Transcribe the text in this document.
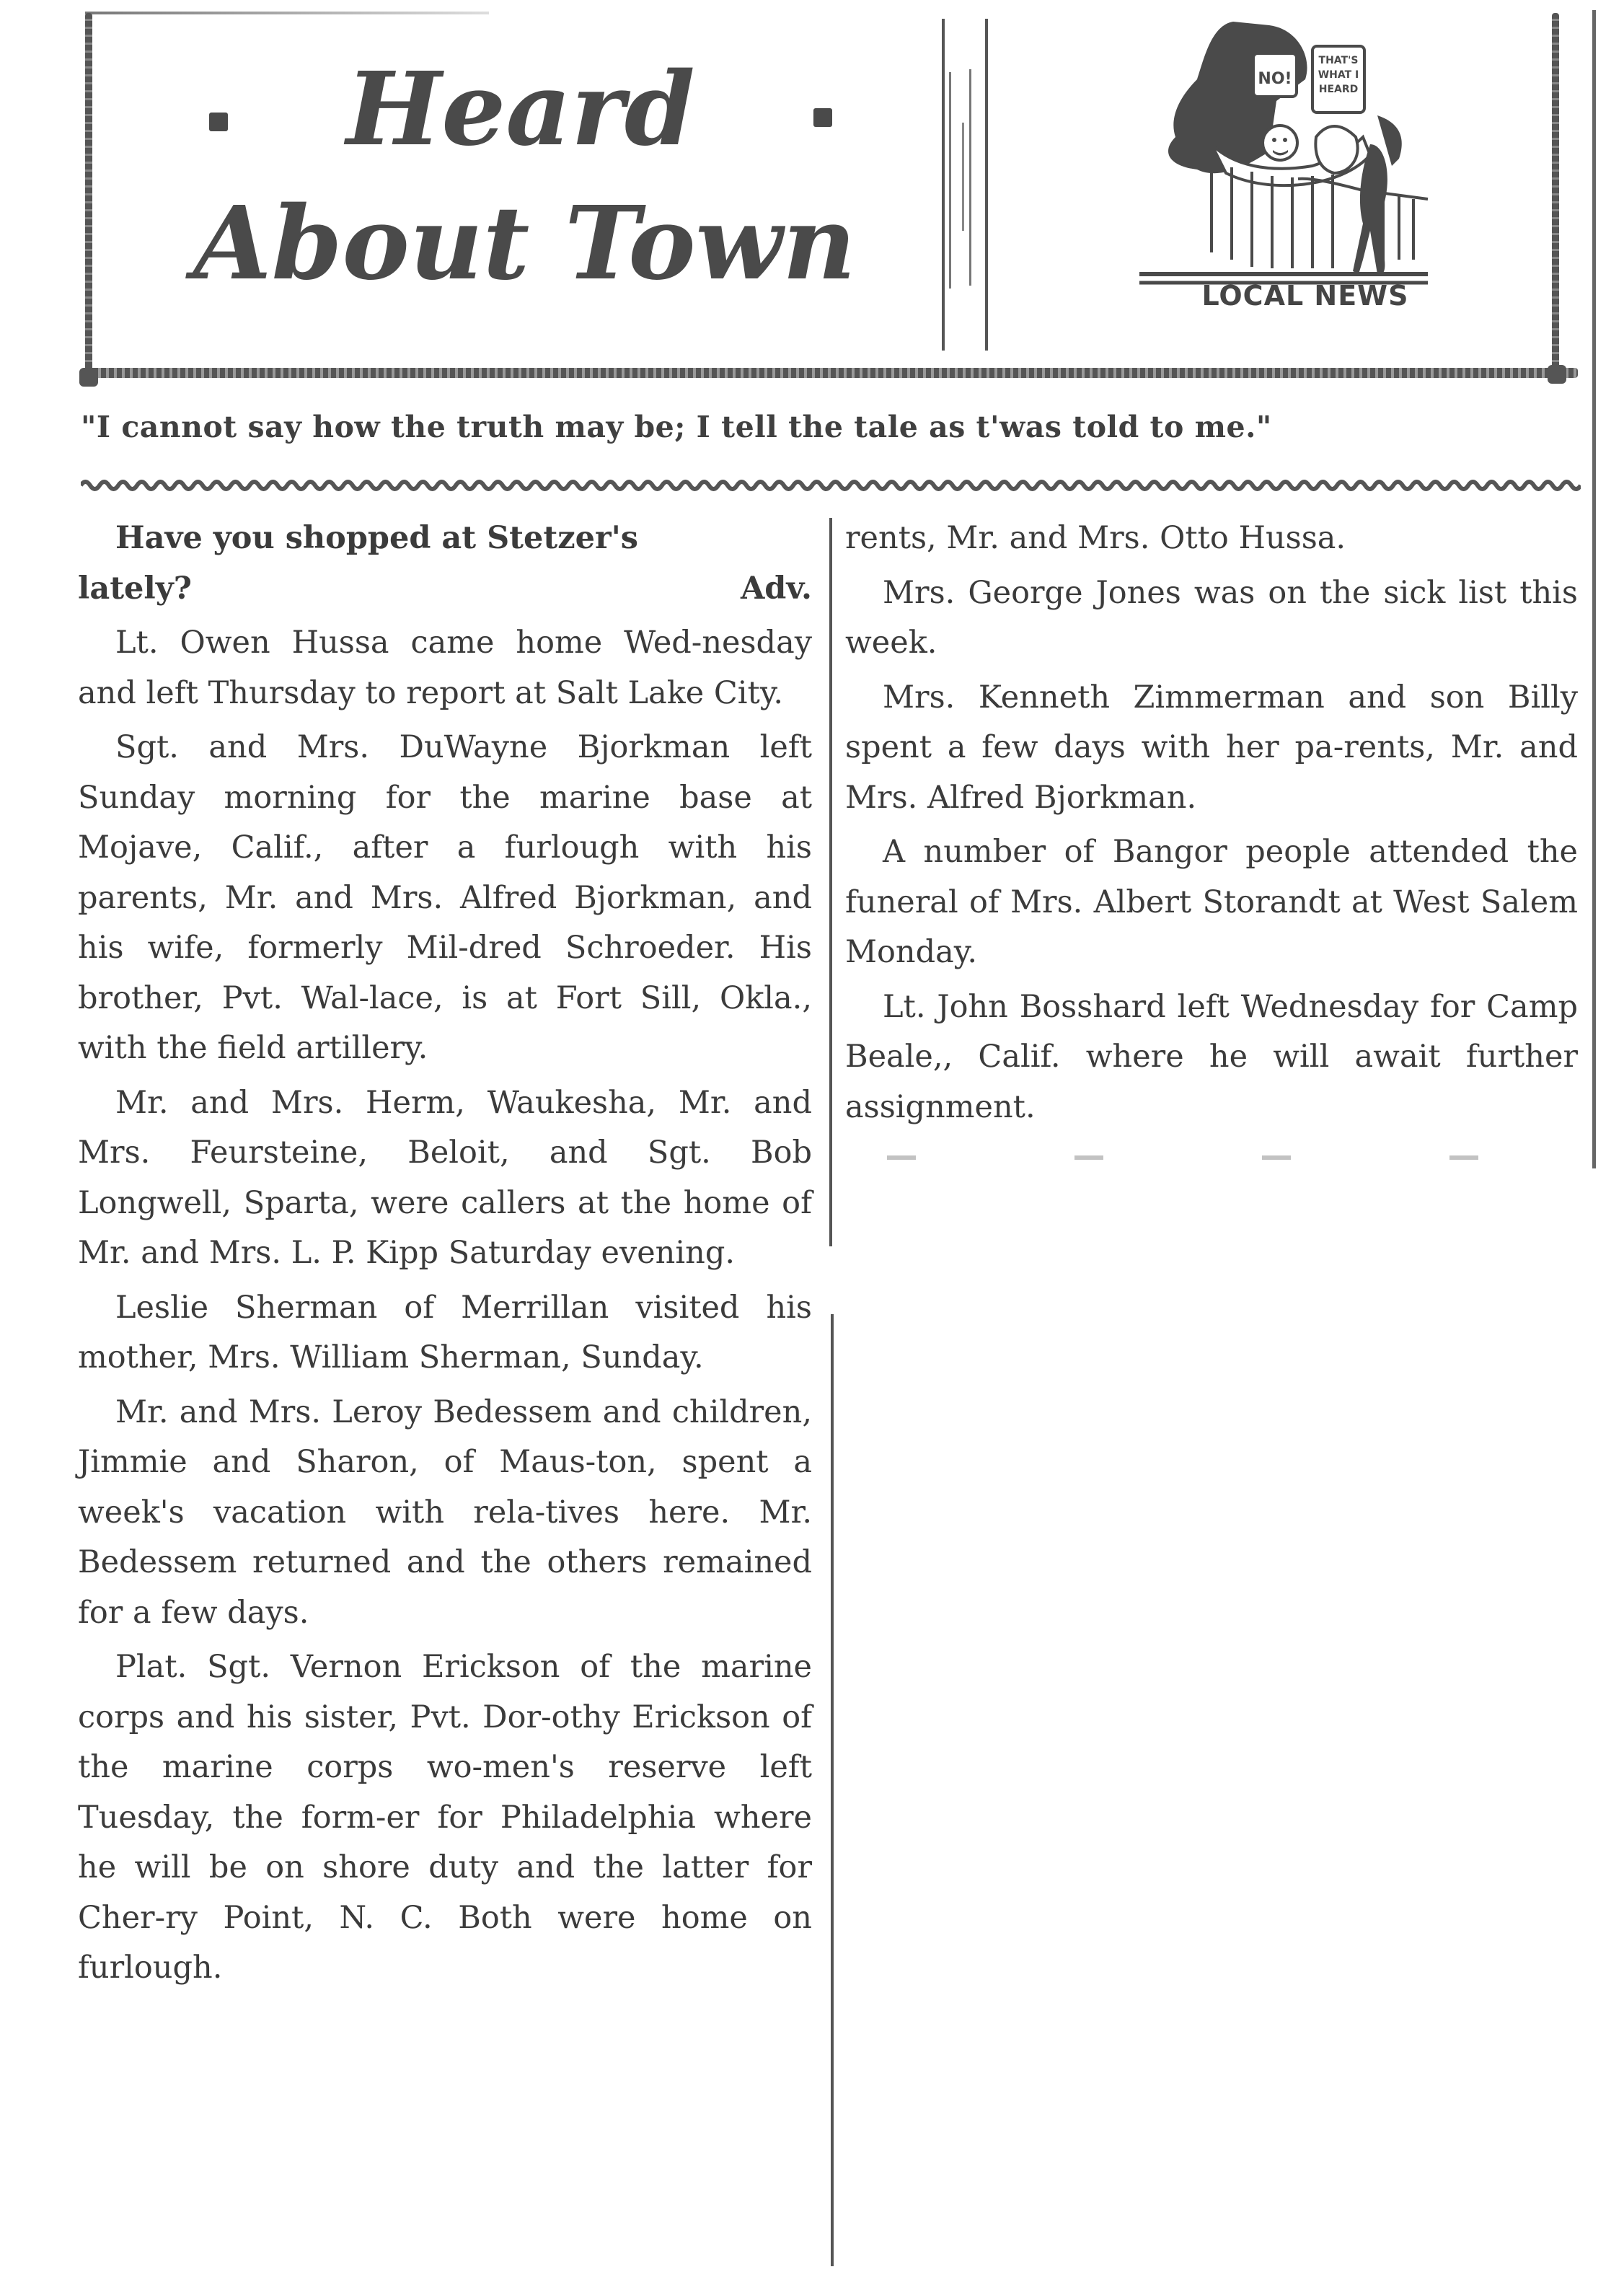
Heard
About Town
NO!
THAT'S WHAT I HEARD
LOCAL NEWS
"I cannot say how the truth may be; I tell the tale as t'was told to me."

Have you shopped at Stetzer's

lately?	Adv.

Lt. Owen Hussa came home Wed-nesday and left Thursday to report at Salt Lake City.

Sgt. and Mrs. DuWayne Bjorkman left Sunday morning for the marine base at Mojave, Calif., after a furlough with his parents, Mr. and Mrs. Alfred Bjorkman, and his wife, formerly Mil-dred Schroeder. His brother, Pvt. Wal-lace, is at Fort Sill, Okla., with the field artillery.

Mr. and Mrs. Herm, Waukesha, Mr. and Mrs. Feursteine, Beloit, and Sgt. Bob Longwell, Sparta, were callers at the home of Mr. and Mrs. L. P. Kipp Saturday evening.

Leslie Sherman of Merrillan visited his mother, Mrs. William Sherman, Sunday.

Mr. and Mrs. Leroy Bedessem and children, Jimmie and Sharon, of Maus-ton, spent a week's vacation with rela-tives here. Mr. Bedessem returned and the others remained for a few days.

Plat. Sgt. Vernon Erickson of the marine corps and his sister, Pvt. Dor-othy Erickson of the marine corps wo-men's reserve left Tuesday, the form-er for Philadelphia where he will be on shore duty and the latter for Cher-ry Point, N. C. Both were home on furlough.

rents, Mr. and Mrs. Otto Hussa.

Mrs. George Jones was on the sick list this week.

Mrs. Kenneth Zimmerman and son Billy spent a few days with her pa-rents, Mr. and Mrs. Alfred Bjorkman.

A number of Bangor people attended the funeral of Mrs. Albert Storandt at West Salem Monday.

Lt. John Bosshard left Wednesday for Camp Beale,, Calif. where he will await further assignment.
